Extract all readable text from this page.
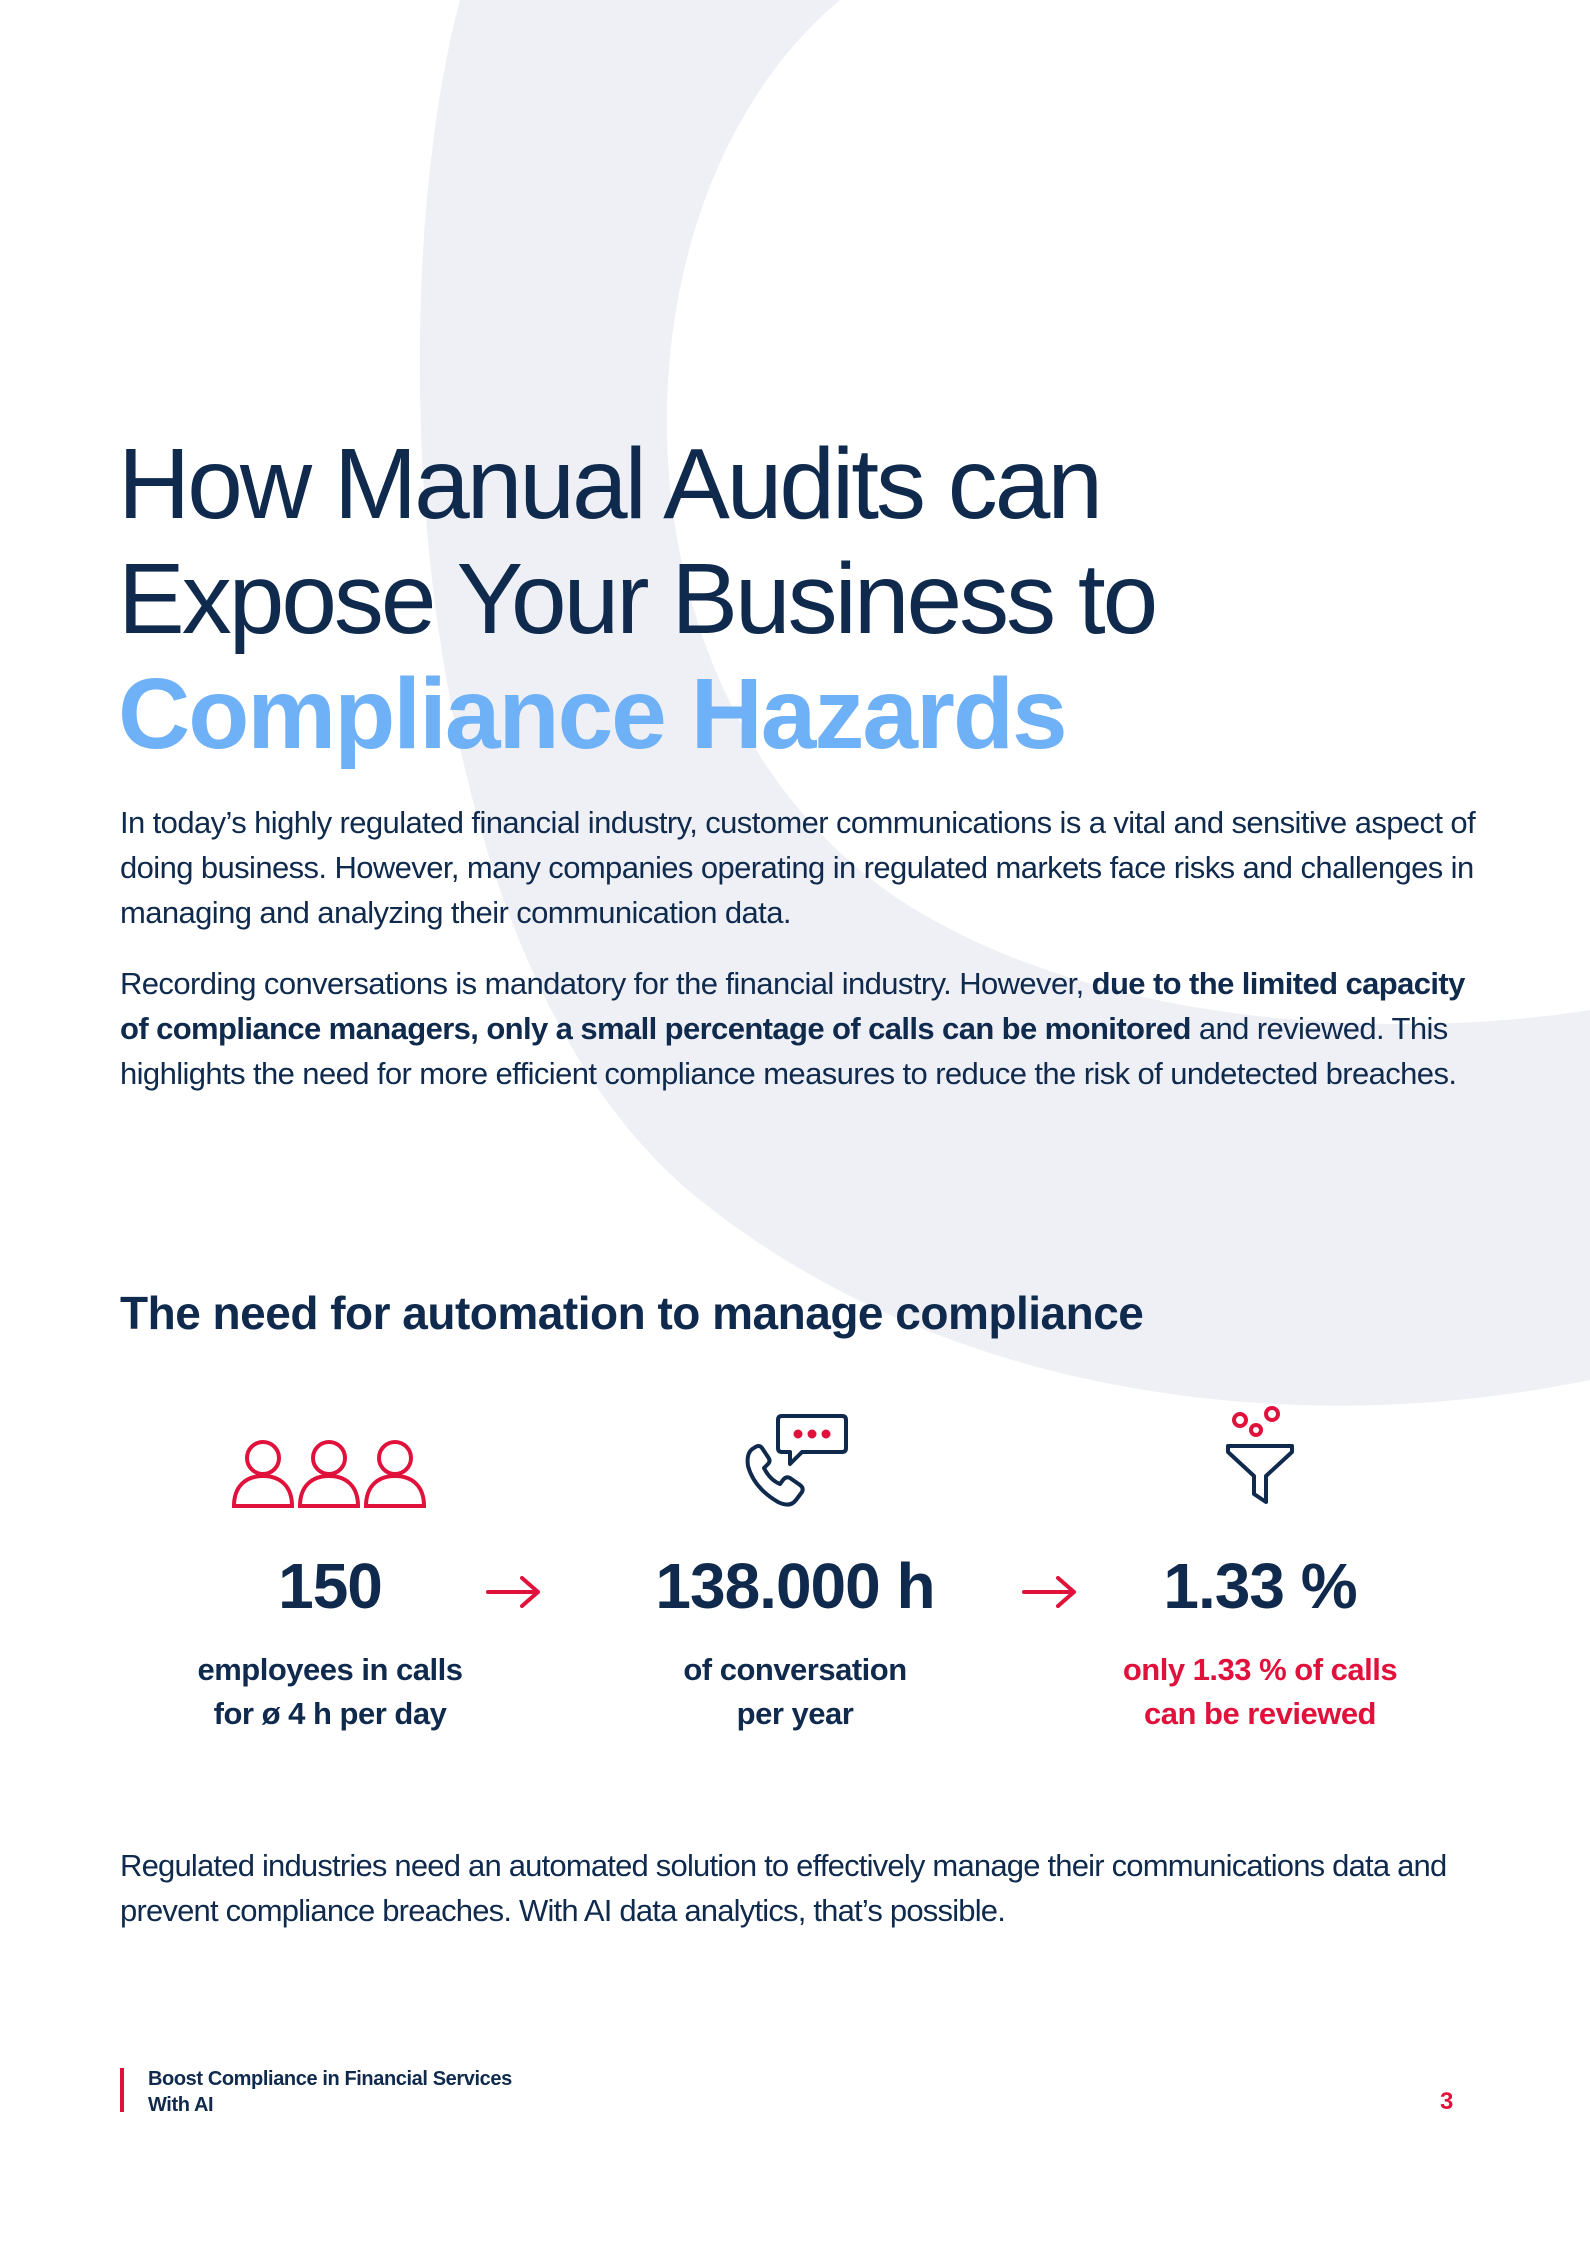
How Manual Audits can
Expose Your Business to
Compliance Hazards

In today’s highly regulated financial industry, customer communications is a vital and sensitive aspect of doing business. However, many companies operating in regulated markets face risks and challenges in managing and analyzing their communication data.

Recording conversations is mandatory for the financial industry. However, due to the limited capacity of compliance managers, only a small percentage of calls can be monitored and reviewed. This highlights the need for more efficient compliance measures to reduce the risk of undetected breaches.

The need for automation to manage compliance
150
employees in calls
for ø 4 h per day
138.000 h
of conversation
per year
1.33 %
only 1.33 % of calls
can be reviewed

Regulated industries need an automated solution to effectively manage their communications data and prevent compliance breaches. With AI data analytics, that’s possible.

Boost Compliance in Financial Services
With AI	3
